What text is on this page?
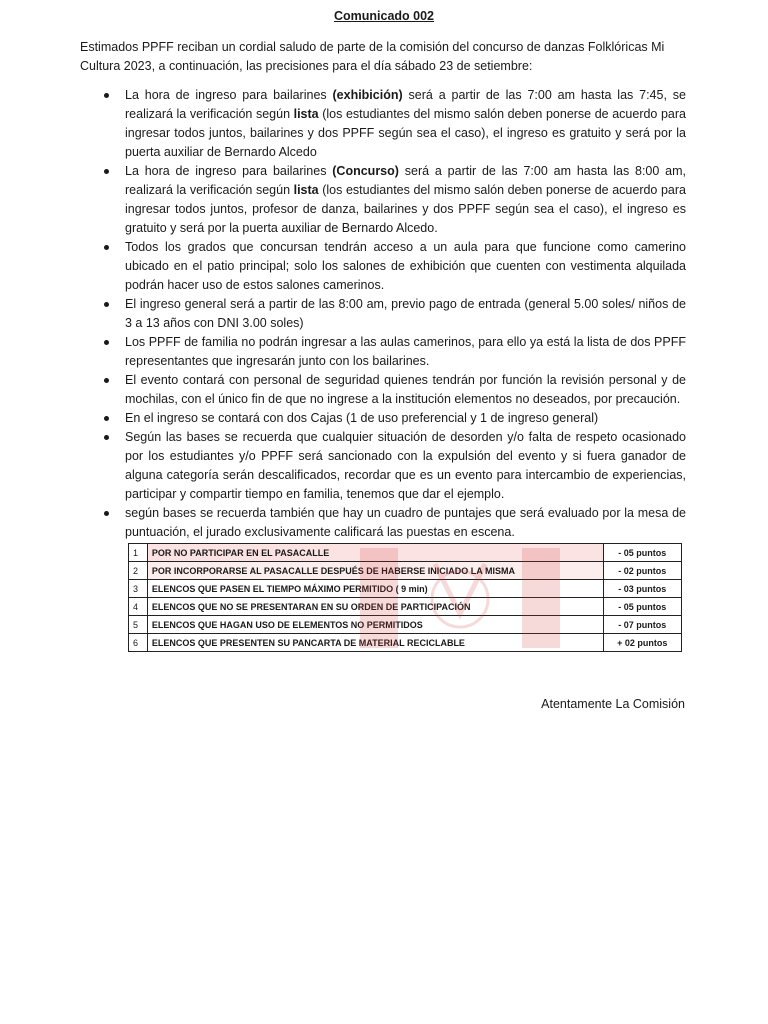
Comunicado 002

Estimados PPFF reciban un cordial saludo de parte de la comisión del concurso de danzas Folklóricas Mi Cultura 2023, a continuación, las precisiones para el día sábado 23 de setiembre:

La hora de ingreso para bailarines (exhibición) será a partir de las 7:00 am hasta las 7:45, se realizará la verificación según lista (los estudiantes del mismo salón deben ponerse de acuerdo para ingresar todos juntos, bailarines y dos PPFF según sea el caso), el ingreso es gratuito y será por la puerta auxiliar de Bernardo Alcedo
La hora de ingreso para bailarines (Concurso) será a partir de las 7:00 am hasta las 8:00 am, realizará la verificación según lista (los estudiantes del mismo salón deben ponerse de acuerdo para ingresar todos juntos, profesor de danza, bailarines y dos PPFF según sea el caso), el ingreso es gratuito y será por la puerta auxiliar de Bernardo Alcedo.
Todos los grados que concursan tendrán acceso a un aula para que funcione como camerino ubicado en el patio principal; solo los salones de exhibición que cuenten con vestimenta alquilada podrán hacer uso de estos salones camerinos.
El ingreso general será a partir de las 8:00 am, previo pago de entrada (general 5.00 soles/ niños de 3 a 13 años con DNI 3.00 soles)
Los PPFF de familia no podrán ingresar a las aulas camerinos, para ello ya está la lista de dos PPFF representantes que ingresarán junto con los bailarines.
El evento contará con personal de seguridad quienes tendrán por función la revisión personal y de mochilas, con el único fin de que no ingrese a la institución elementos no deseados, por precaución.
En el ingreso se contará con dos Cajas (1 de uso preferencial y 1 de ingreso general)
Según las bases se recuerda que cualquier situación de desorden y/o falta de respeto ocasionado por los estudiantes y/o PPFF será sancionado con la expulsión del evento y si fuera ganador de alguna categoría serán descalificados, recordar que es un evento para intercambio de experiencias, participar y compartir tiempo en familia, tenemos que dar el ejemplo.
según bases se recuerda también que hay un cuadro de puntajes que será evaluado por la mesa de puntuación, el jurado exclusivamente calificará las puestas en escena.
1	POR NO PARTICIPAR EN EL PASACALLE	- 05 puntos
2	POR INCORPORARSE AL PASACALLE DESPUÉS DE HABERSE INICIADO LA MISMA	- 02 puntos
3	ELENCOS QUE PASEN EL TIEMPO MÁXIMO PERMITIDO ( 9 min)	- 03 puntos
4	ELENCOS QUE NO SE PRESENTARAN EN SU ORDEN DE PARTICIPACIÓN	- 05 puntos
5	ELENCOS QUE HAGAN USO DE ELEMENTOS NO PERMITIDOS	- 07 puntos
6	ELENCOS QUE PRESENTEN SU PANCARTA DE MATERIAL RECICLABLE	+ 02 puntos
Atentamente La Comisión
